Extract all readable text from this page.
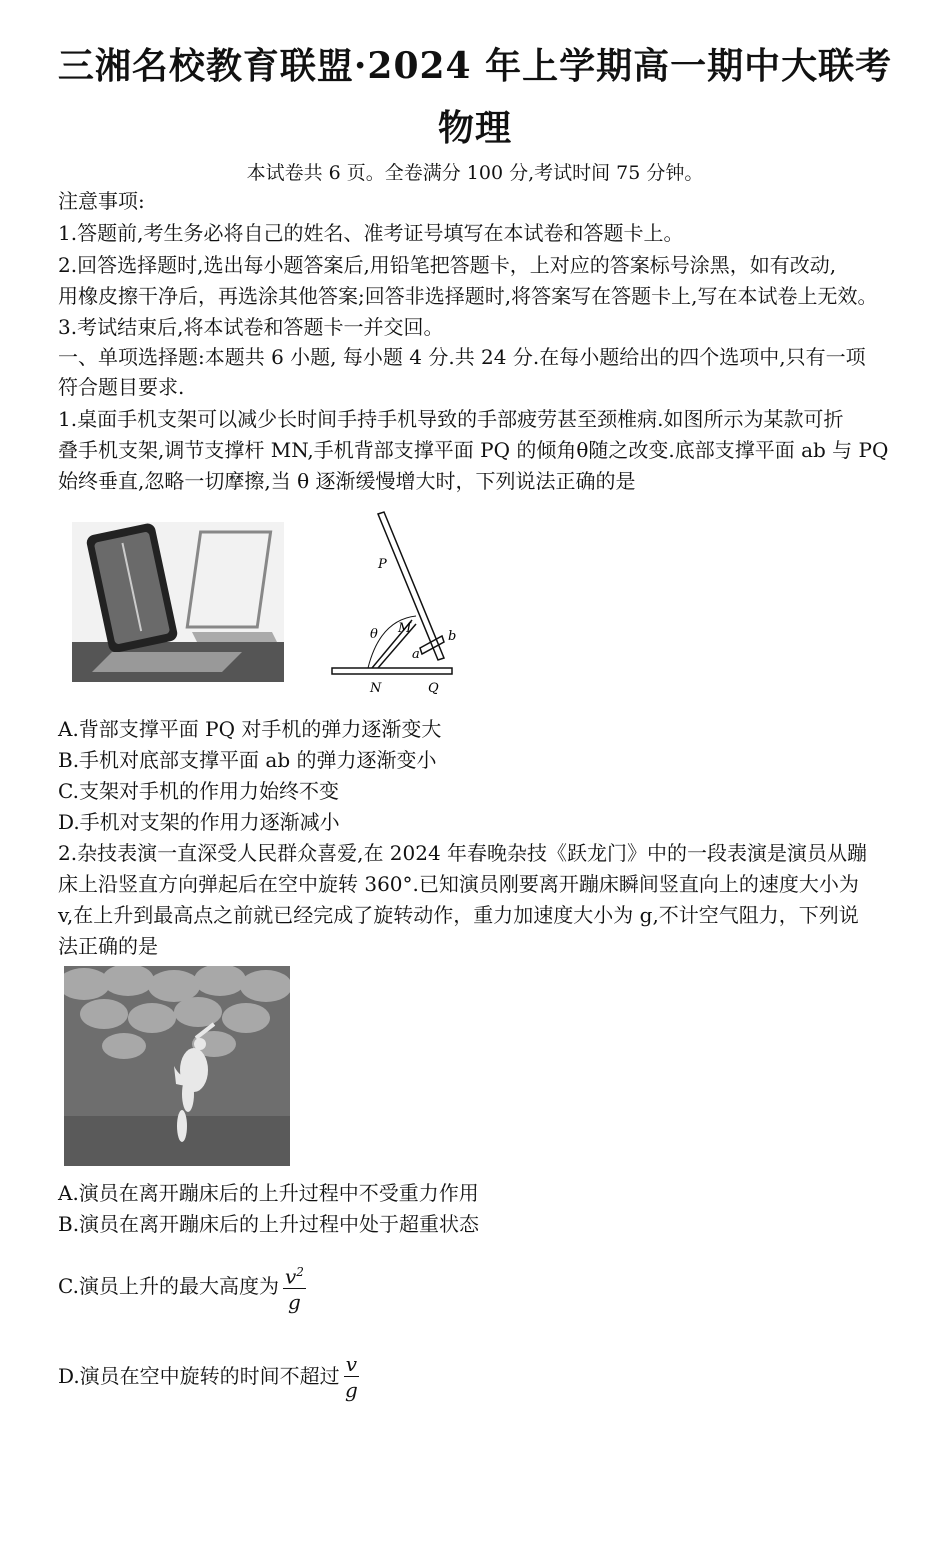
三湘名校教育联盟·2024 年上学期高一期中大联考
物理
本试卷共 6 页。全卷满分 100 分,考试时间 75 分钟。
注意事项:
1.答题前,考生务必将自己的姓名、准考证号填写在本试卷和答题卡上。
2.回答选择题时,选出每小题答案后,用铅笔把答题卡，上对应的答案标号涂黑，如有改动,
用橡皮擦干净后，再选涂其他答案;回答非选择题时,将答案写在答题卡上,写在本试卷上无效。
3.考试结束后,将本试卷和答题卡一并交回。
一、单项选择题:本题共 6 小题, 每小题 4 分.共 24 分.在每小题给出的四个选项中,只有一项
符合题目要求.
1.桌面手机支架可以减少长时间手持手机导致的手部疲劳甚至颈椎病.如图所示为某款可折
叠手机支架,调节支撑杆 MN,手机背部支撑平面 PQ 的倾角θ随之改变.底部支撑平面 ab 与 PQ
始终垂直,忽略一切摩擦,当 θ 逐渐缓慢增大时，下列说法正确的是
P
M
θ
a
b
N	Q
A.背部支撑平面 PQ 对手机的弹力逐渐变大
B.手机对底部支撑平面 ab 的弹力逐渐变小
C.支架对手机的作用力始终不变
D.手机对支架的作用力逐渐减小
2.杂技表演一直深受人民群众喜爱,在 2024 年春晚杂技《跃龙门》中的一段表演是演员从蹦
床上沿竖直方向弹起后在空中旋转 360°.已知演员刚要离开蹦床瞬间竖直向上的速度大小为
v,在上升到最高点之前就已经完成了旋转动作，重力加速度大小为 g,不计空气阻力，下列说
法正确的是
A.演员在离开蹦床后的上升过程中不受重力作用
B.演员在离开蹦床后的上升过程中处于超重状态
C.演员上升的最大高度为 $\frac{v^2}{g}$
D.演员在空中旋转的时间不超过 $\frac{v}{g}$
